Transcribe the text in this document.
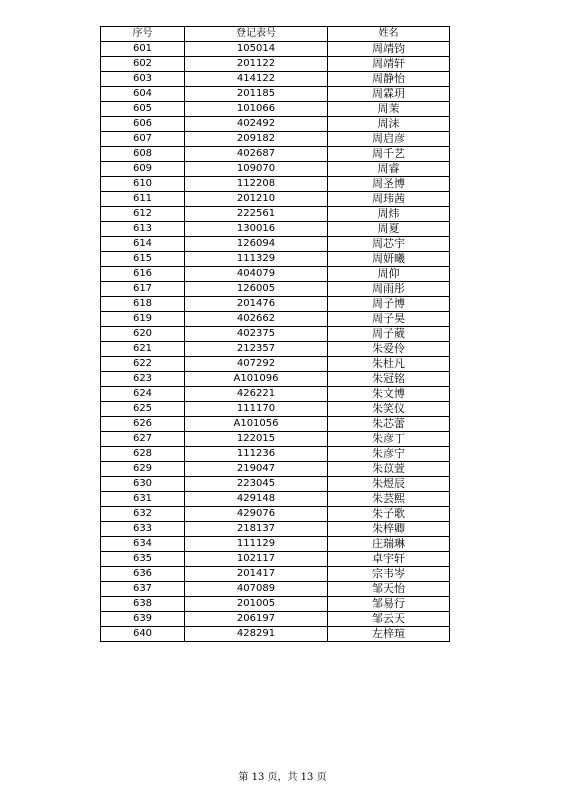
序号	登记表号	姓名
601	105014	周靖钧
602	201122	周靖轩
603	414122	周静怡
604	201185	周霖玥
605	101066	周茉
606	402492	周沫
607	209182	周启彦
608	402687	周千艺
609	109070	周睿
610	112208	周圣博
611	201210	周玮茜
612	222561	周炜
613	130016	周夏
614	126094	周芯宇
615	111329	周妍曦
616	404079	周仰
617	126005	周雨彤
618	201476	周子博
619	402662	周子昊
620	402375	周子葳
621	212357	朱爱伶
622	407292	朱杜凡
623	A101096	朱冠铭
624	426221	朱文博
625	111170	朱笑仪
626	A101056	朱芯蕾
627	122015	朱彦丁
628	111236	朱彦宁
629	219047	朱苡萱
630	223045	朱煜辰
631	429148	朱芸熙
632	429076	朱子歌
633	218137	朱梓卿
634	111129	庄瑞琳
635	102117	卓宇轩
636	201417	宗韦岑
637	407089	邹天怡
638	201005	邹易行
639	206197	邹云天
640	428291	左梓瑄
第 13 页，共 13 页
